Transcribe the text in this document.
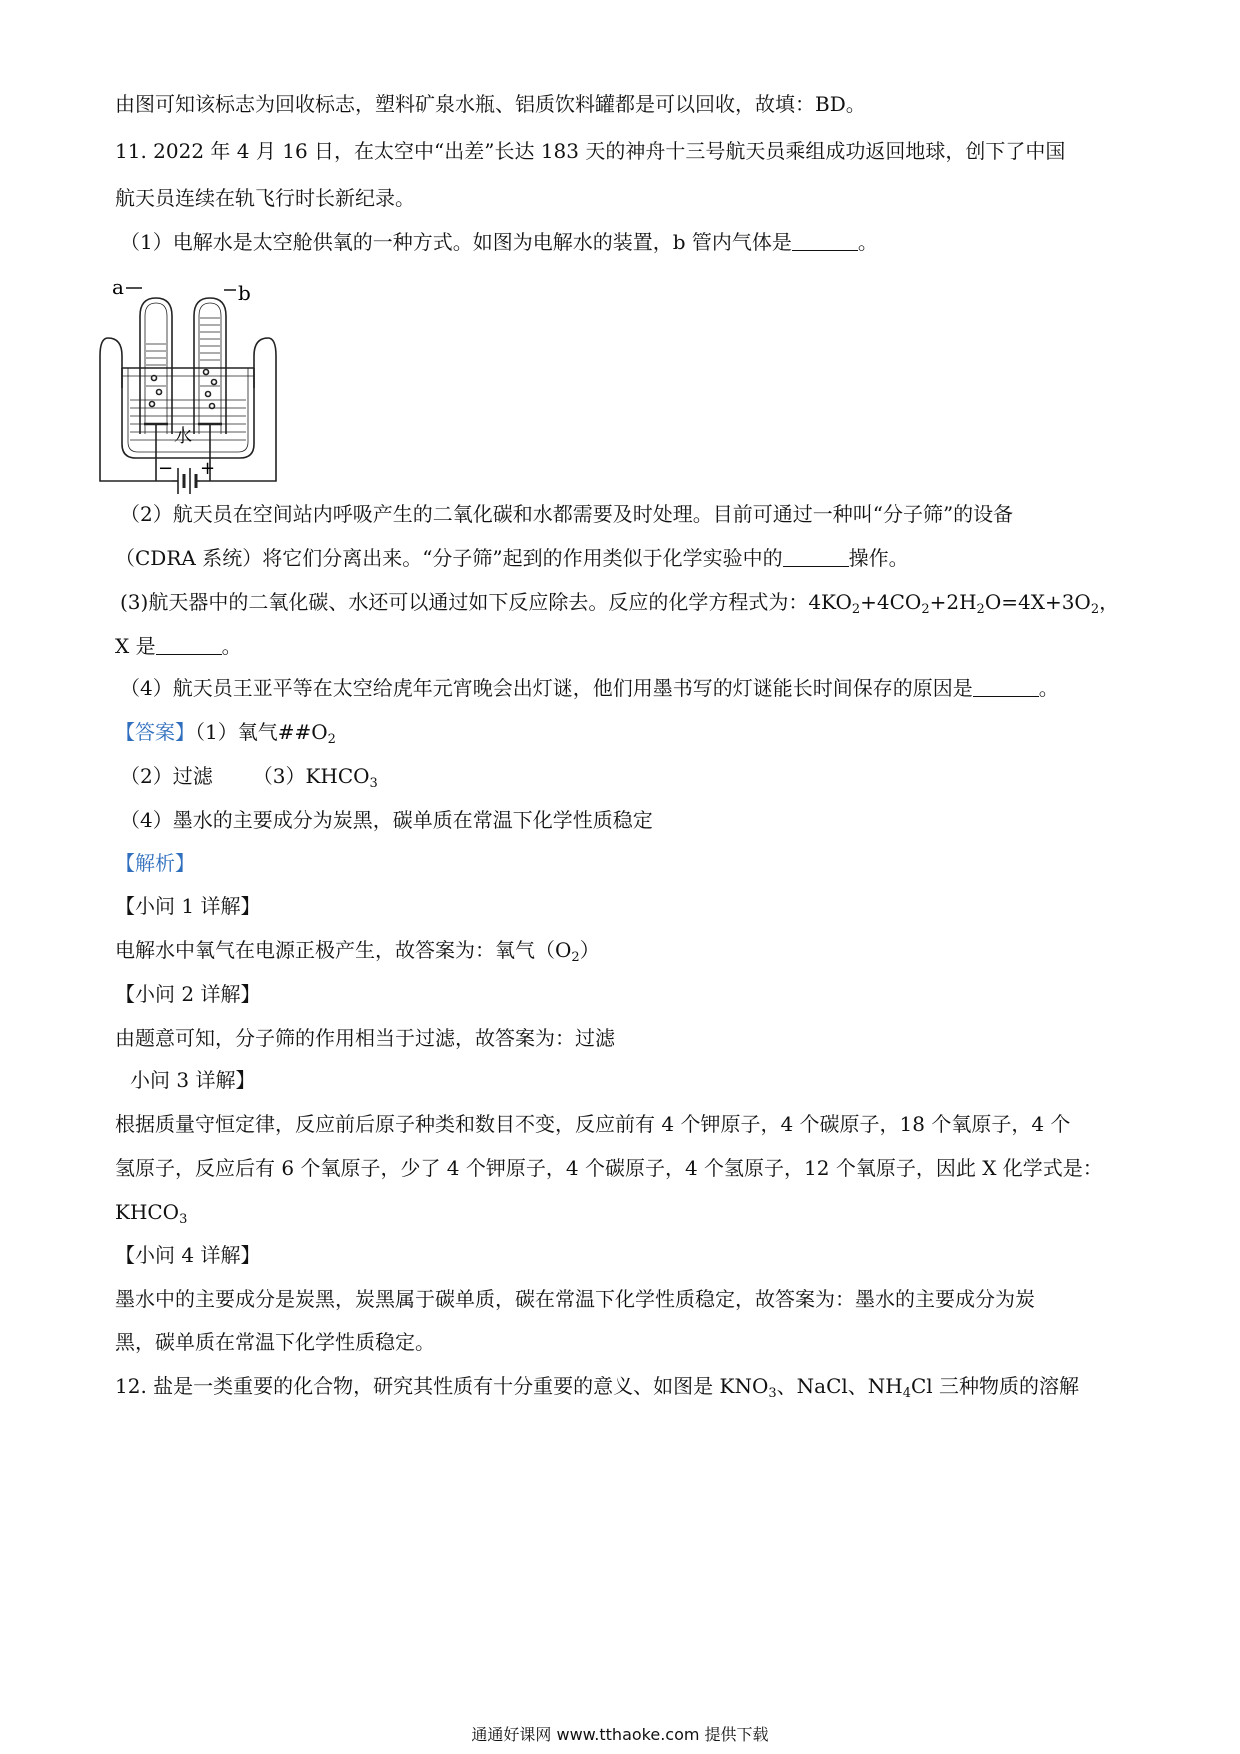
由图可知该标志为回收标志，塑料矿泉水瓶、铝质饮料罐都是可以回收，故填：BD。
11. 2022 年 4 月 16 日，在太空中“出差”长达 183 天的神舟十三号航天员乘组成功返回地球，创下了中国
航天员连续在轨飞行时长新纪录。
（1）电解水是太空舱供氧的一种方式。如图为电解水的装置，b 管内气体是	。
a	b
水
− +
（2）航天员在空间站内呼吸产生的二氧化碳和水都需要及时处理。目前可通过一种叫“分子筛”的设备
（CDRA 系统）将它们分离出来。“分子筛”起到的作用类似于化学实验中的	操作。
(3)航天器中的二氧化碳、水还可以通过如下反应除去。反应的化学方程式为：$4KO_2+4CO_2+2H_2O=4X+3O_2$，
X 是	。
（4）航天员王亚平等在太空给虎年元宵晚会出灯谜，他们用墨书写的灯谜能长时间保存的原因是	。
【答案】（1）氧气$\#\#O_2$
（2）过滤 $(3)KHCO_3$
（4）墨水的主要成分为炭黑，碳单质在常温下化学性质稳定
【解析】
【小问 1 详解】
电解水中氧气在电源正极产生，故答案为：氧气$(O_2)$
【小问 2 详解】
由题意可知，分子筛的作用相当于过滤，故答案为：过滤
小问 3 详解】
根据质量守恒定律，反应前后原子种类和数目不变，反应前有 4 个钾原子，4 个碳原子，18 个氧原子，4 个
氢原子，反应后有 6 个氧原子，少了 4 个钾原子，4 个碳原子，4 个氢原子，12 个氧原子，因此 X 化学式是：
$KHCO_3$
【小问 4 详解】
墨水中的主要成分是炭黑，炭黑属于碳单质，碳在常温下化学性质稳定，故答案为：墨水的主要成分为炭
黑，碳单质在常温下化学性质稳定。
12. 盐是一类重要的化合物，研究其性质有十分重要的意义、如图是 $KNO_3$、NaCl、$NH_4Cl$ 三种物质的溶解
通通好课网 www.tthaoke.com 提供下载
